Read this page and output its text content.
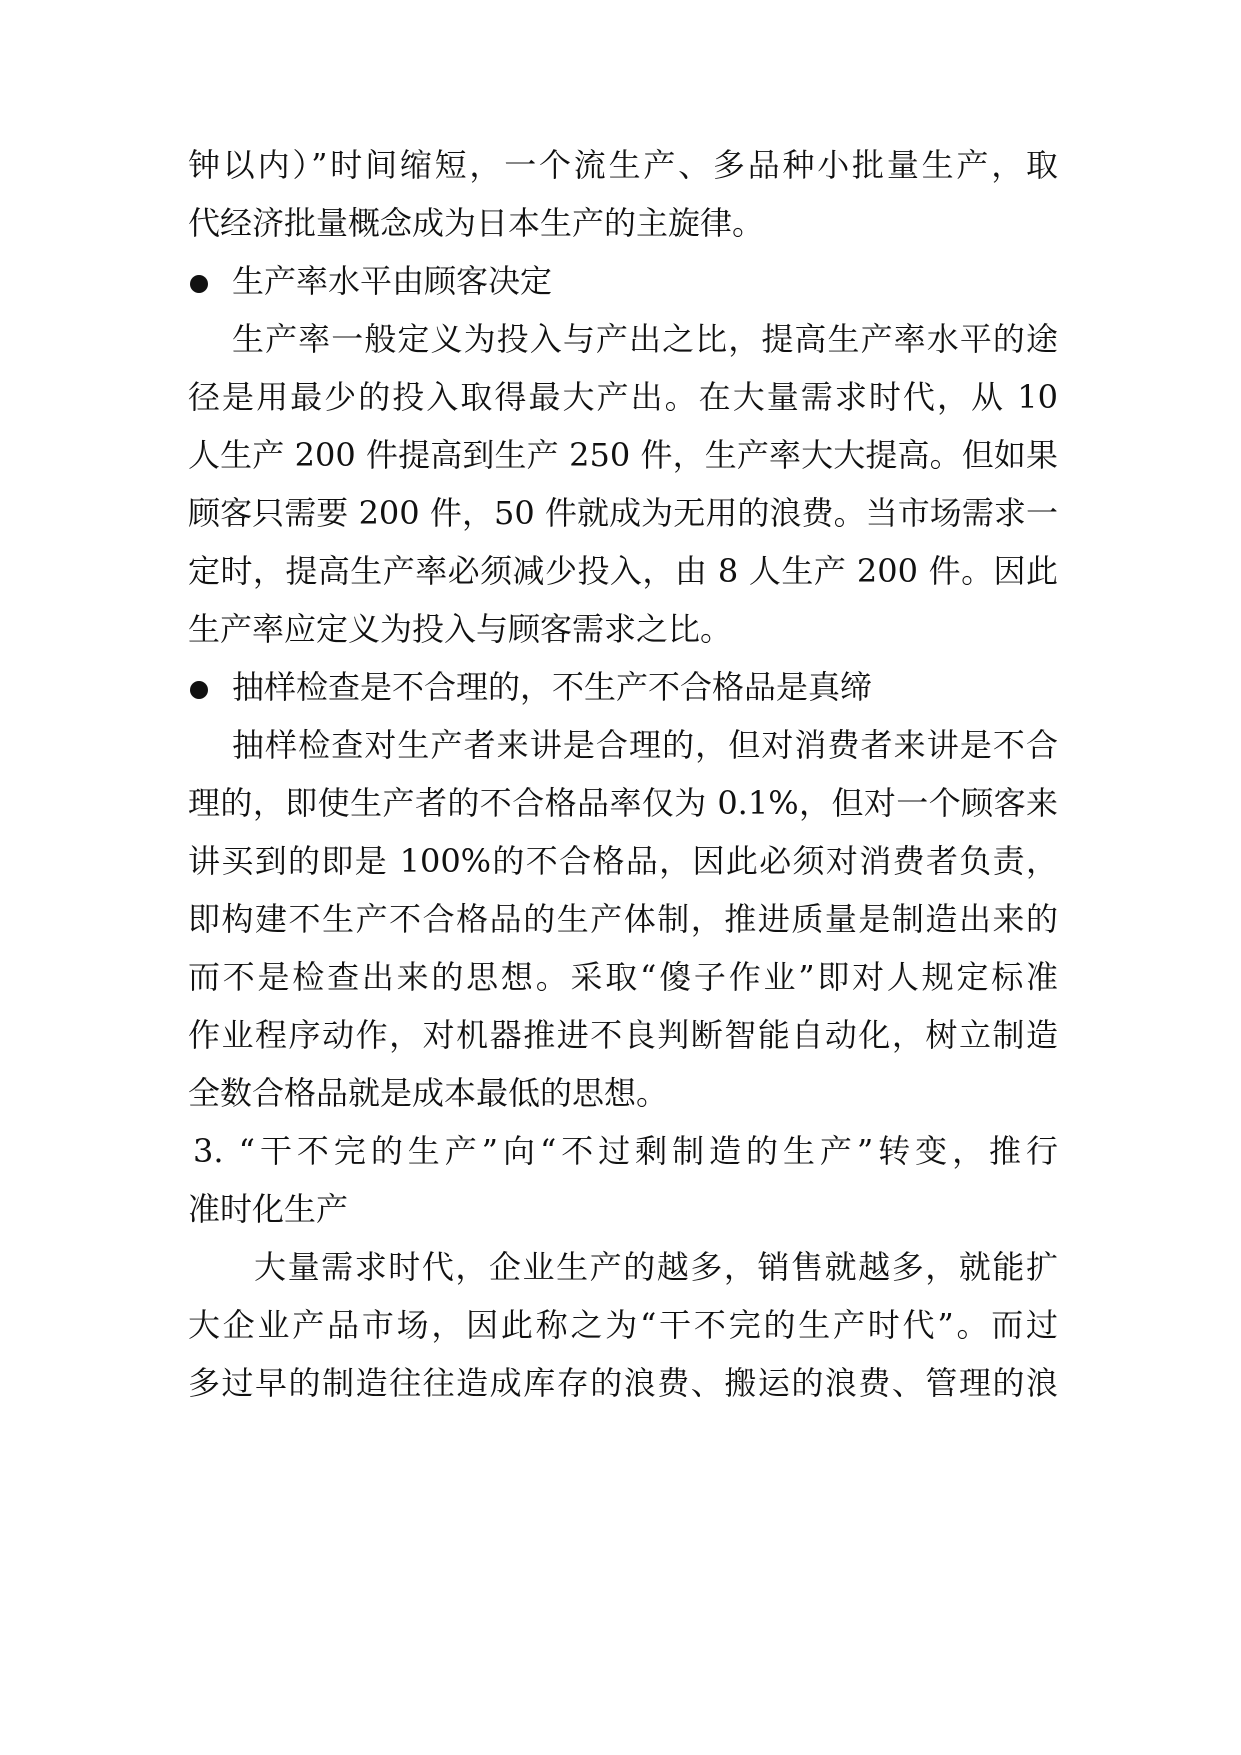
钟以内）”时间缩短，一个流生产、多品种小批量生产，取
代经济批量概念成为日本生产的主旋律。
生产率水平由顾客决定
生产率一般定义为投入与产出之比，提高生产率水平的途
径是用最少的投入取得最大产出。在大量需求时代，从 10
人生产 200 件提高到生产 250 件，生产率大大提高。但如果
顾客只需要 200 件，50 件就成为无用的浪费。当市场需求一
定时，提高生产率必须减少投入，由 8 人生产 200 件。因此
生产率应定义为投入与顾客需求之比。
抽样检查是不合理的，不生产不合格品是真缔
抽样检查对生产者来讲是合理的，但对消费者来讲是不合
理的，即使生产者的不合格品率仅为 0.1%，但对一个顾客来
讲买到的即是 100%的不合格品，因此必须对消费者负责，
即构建不生产不合格品的生产体制，推进质量是制造出来的
而不是检查出来的思想。采取“傻子作业”即对人规定标准
作业程序动作，对机器推进不良判断智能自动化，树立制造
全数合格品就是成本最低的思想。
3. “干不完的生产”向“不过剩制造的生产”转变，推行
准时化生产
大量需求时代，企业生产的越多，销售就越多，就能扩
大企业产品市场，因此称之为“干不完的生产时代”。而过
多过早的制造往往造成库存的浪费、搬运的浪费、管理的浪
